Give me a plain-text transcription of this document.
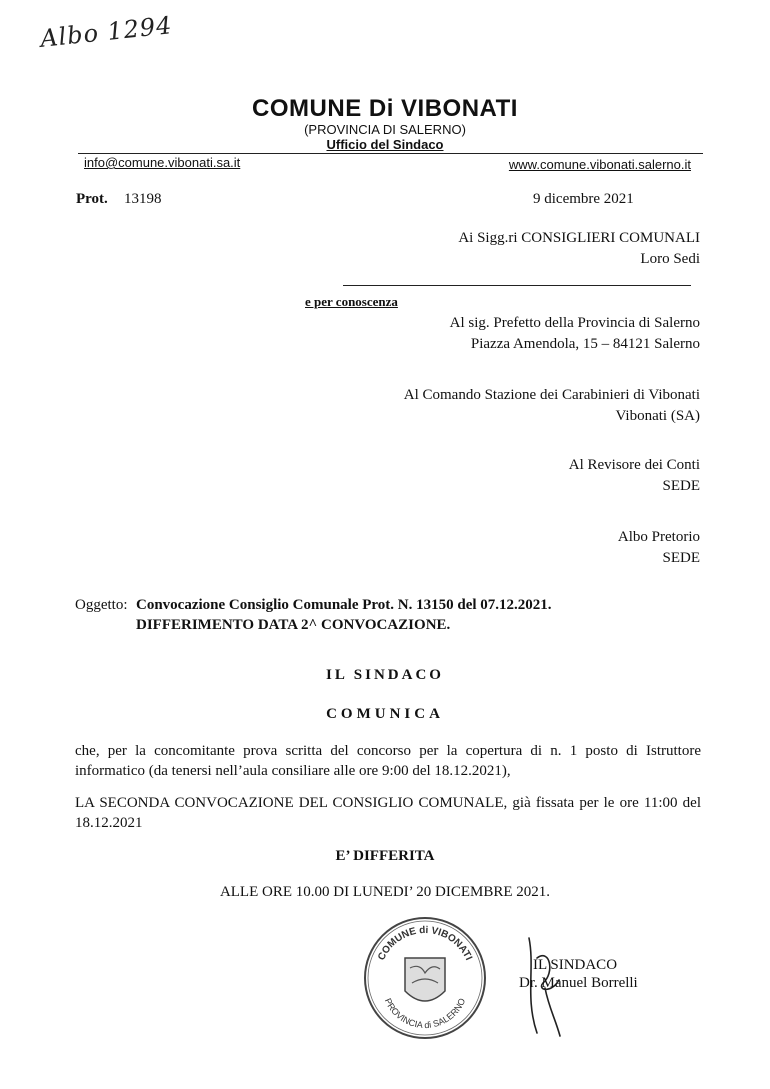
Albo 1294
COMUNE Di VIBONATI
(PROVINCIA DI SALERNO)
Ufficio del Sindaco
info@comune.vibonati.sa.it	www.comune.vibonati.salerno.it
Prot. 13198	9 dicembre 2021
Ai Sigg.ri CONSIGLIERI COMUNALI
Loro Sedi
e per conoscenza
Al sig. Prefetto della Provincia di Salerno
Piazza Amendola, 15 – 84121 Salerno
Al Comando Stazione dei Carabinieri di Vibonati
Vibonati (SA)
Al Revisore dei Conti
SEDE
Albo Pretorio
SEDE
Oggetto: Convocazione Consiglio Comunale Prot. N. 13150 del 07.12.2021.
DIFFERIMENTO DATA 2^ CONVOCAZIONE.
IL SINDACO
COMUNICA
che, per la concomitante prova scritta del concorso per la copertura di n. 1 posto di Istruttore informatico (da tenersi nell’aula consiliare alle ore 9:00 del 18.12.2021),
LA SECONDA CONVOCAZIONE DEL CONSIGLIO COMUNALE, già fissata per le ore 11:00 del 18.12.2021
E’ DIFFERITA
ALLE ORE 10.00 DI LUNEDI’ 20 DICEMBRE 2021.
COMUNE di VIBONATI
PROVINCIA di SALERNO
IL SINDACO
Dr. Manuel Borrelli
